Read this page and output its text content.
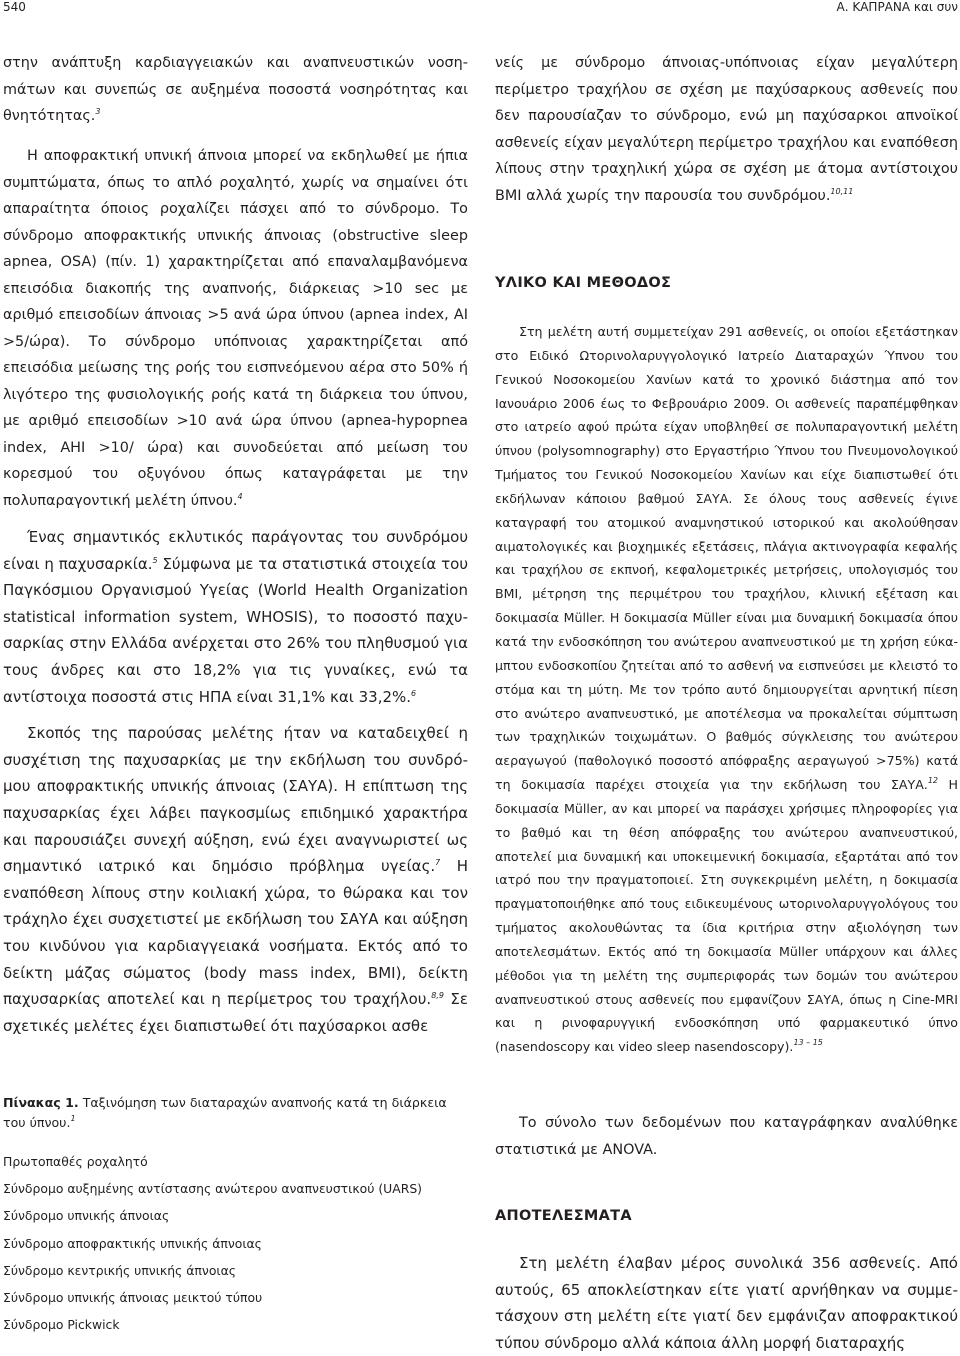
540	Α. ΚΑΠΡΑΝΑ και συν

στην ανάπτυξη καρδιαγγειακών και αναπνευστικών νοσηmάτων και συνεπώς σε αυξημένα ποσοστά νοσηρότητας και θνητότητας.$^3$

Η αποφρακτική υπνική άπνοια μπορεί να εκδηλωθεί με ήπια συμπτώματα, όπως το απλό ροχαλητό, χωρίς να σημαίνει ότι απαραίτητα όποιος ροχαλίζει πάσχει από το σύνδρομο. Το σύνδρομο αποφρακτικής υπνικής άπνοιας (obstructive sleep apnea, OSA) (πίν. 1) χαρακτηρίζεται από επαναλαμβανόμενα επεισόδια διακοπής της αναπνοής, διάρκειας >10 sec με αριθμό επεισοδίων άπνοιας >5 ανά ώρα ύπνου (apnea index, AI >5/ώρα). Το σύνδρομο υπόπνοιας χαρακτηρίζεται από επεισόδια μείωσης της ροής του εισπνεόμενου αέρα στο 50% ή λιγότερο της φυσιολογικής ροής κατά τη διάρκεια του ύπνου, με αριθμό επεισοδίων >10 ανά ώρα ύπνου (apnea-hypopnea index, AHI >10/ ώρα) και συνοδεύεται από μείωση του κορεσμού του οξυγόνου όπως καταγράφεται με την πολυπαραγοντική μελέτη ύπνου.$^4$

Ένας σημαντικός εκλυτικός παράγοντας του συνδρόμου είναι η παχυσαρκία.$^5$ Σύμφωνα με τα στατιστικά στοιχεία του Παγκόσμιου Οργανισμού Υγείας (World Health Organization statistical information system, WHOSIS), το ποσοστό παχυσαρκίας στην Ελλάδα ανέρχεται στο 26% του πληθυσμού για τους άνδρες και στο 18,2% για τις γυναίκες, ενώ τα αντίστοιχα ποσοστά στις ΗΠΑ είναι 31,1% και 33,2%.$^6$

Σκοπός της παρούσας μελέτης ήταν να καταδειχθεί η συσχέτιση της παχυσαρκίας με την εκδήλωση του συνδρόμου αποφρακτικής υπνικής άπνοιας (ΣΑΥΑ). Η επίπτωση της παχυσαρκίας έχει λάβει παγκοσμίως επιδημικό χαρακτήρα και παρουσιάζει συνεχή αύξηση, ενώ έχει αναγνωριστεί ως σημαντικό ιατρικό και δημόσιο πρόβλημα υγείας.$^7$ Η εναπόθεση λίπους στην κοιλιακή χώρα, το θώρακα και τον τράχηλο έχει συσχετιστεί με εκδήλωση του ΣΑΥΑ και αύξηση του κινδύνου για καρδιαγγειακά νοσήματα. Εκτός από το δείκτη μάζας σώματος (body mass index, BMI), δείκτη παχυσαρκίας αποτελεί και η περίμετρος του τραχήλου.$^{8,9}$ Σε σχετικές μελέτες έχει διαπιστωθεί ότι παχύσαρκοι ασθε

Πίνακας 1. Ταξινόμηση των διαταραχών αναπνοής κατά τη διάρκεια του ύπνου.$^1$

Πρωτοπαθές ροχαλητό
Σύνδρομο αυξημένης αντίστασης ανώτερου αναπνευστικού (UARS)
Σύνδρομο υπνικής άπνοιας
Σύνδρομο αποφρακτικής υπνικής άπνοιας
Σύνδρομο κεντρικής υπνικής άπνοιας
Σύνδρομο υπνικής άπνοιας μεικτού τύπου
Σύνδρομο Pickwick

νείς με σύνδρομο άπνοιας-υπόπνοιας είχαν μεγαλύτερη περίμετρο τραχήλου σε σχέση με παχύσαρκους ασθενείς που δεν παρουσίαζαν το σύνδρομο, ενώ μη παχύσαρκοι απνοϊκοί ασθενείς είχαν μεγαλύτερη περίμετρο τραχήλου και εναπόθεση λίπους στην τραχηλική χώρα σε σχέση με άτομα αντίστοιχου BMI αλλά χωρίς την παρουσία του συνδρόμου.$^{10,11}$

ΥΛΙΚΟ ΚΑΙ ΜΕΘΟΔΟΣ

Στη μελέτη αυτή συμμετείχαν 291 ασθενείς, οι οποίοι εξετάστηκαν στο Ειδικό Ωτορινολαρυγγολογικό Ιατρείο Διαταραχών Ύπνου του Γενικού Νοσοκομείου Χανίων κατά το χρονικό διάστημα από τον Ιανουάριο 2006 έως το Φεβρουάριο 2009. Οι ασθενείς παραπέμφθηκαν στο ιατρείο αφού πρώτα είχαν υποβληθεί σε πολυπαραγοντική μελέτη ύπνου (polysomnography) στο Εργαστήριο Ύπνου του Πνευμονολογικού Τμήματος του Γενικού Νοσοκομείου Χανίων και είχε διαπιστωθεί ότι εκδήλωναν κάποιου βαθμού ΣΑΥΑ. Σε όλους τους ασθενείς έγινε καταγραφή του ατομικού αναμνηστικού ιστορικού και ακολούθησαν αιματολογικές και βιοχημικές εξετάσεις, πλάγια ακτινογραφία κεφαλής και τραχήλου σε εκπνοή, κεφαλομετρικές μετρήσεις, υπολογισμός του BMI, μέτρηση της περιμέτρου του τραχήλου, κλινική εξέταση και δοκιμασία Müller. Η δοκιμασία Müller είναι μια δυναμική δοκιμασία όπου κατά την ενδοσκόπηση του ανώτερου αναπνευστικού με τη χρήση εύκαμπτου ενδοσκοπίου ζητείται από το ασθενή να εισπνεύσει με κλειστό το στόμα και τη μύτη. Με τον τρόπο αυτό δημιουργείται αρνητική πίεση στο ανώτερο αναπνευστικό, με αποτέλεσμα να προκαλείται σύμπτωση των τραχηλικών τοιχωμάτων. Ο βαθμός σύγκλεισης του ανώτερου αεραγωγού (παθολογικό ποσοστό απόφραξης αεραγωγού >75%) κατά τη δοκιμασία παρέχει στοιχεία για την εκδήλωση του ΣΑΥΑ.$^{12}$ Η δοκιμασία Müller, αν και μπορεί να παράσχει χρήσιμες πληροφορίες για το βαθμό και τη θέση απόφραξης του ανώτερου αναπνευστικού, αποτελεί μια δυναμική και υποκειμενική δοκιμασία, εξαρτάται από τον ιατρό που την πραγματοποιεί. Στη συγκεκριμένη μελέτη, η δοκιμασία πραγματοποιήθηκε από τους ειδικευμένους ωτορινολαρυγγολόγους του τμήματος ακολουθώντας τα ίδια κριτήρια στην αξιολόγηση των αποτελεσμάτων. Εκτός από τη δοκιμασία Müller υπάρχουν και άλλες μέθοδοι για τη μελέτη της συμπεριφοράς των δομών του ανώτερου αναπνευστικού στους ασθενείς που εμφανίζουν ΣΑΥΑ, όπως η Cine-MRI και η ρινοφαρυγγική ενδοσκόπηση υπό φαρμακευτικό ύπνο (nasendoscopy και video sleep nasendoscopy).$^{13 - 15}$

Το σύνολο των δεδομένων που καταγράφηκαν αναλύθηκε στατιστικά με ANOVA.

ΑΠΟΤΕΛΕΣΜΑΤΑ

Στη μελέτη έλαβαν μέρος συνολικά 356 ασθενείς. Από αυτούς, 65 αποκλείστηκαν είτε γιατί αρνήθηκαν να συμμετάσχουν στη μελέτη είτε γιατί δεν εμφάνιζαν αποφρακτικού τύπου σύνδρομο αλλά κάποια άλλη μορφή διαταραχής
